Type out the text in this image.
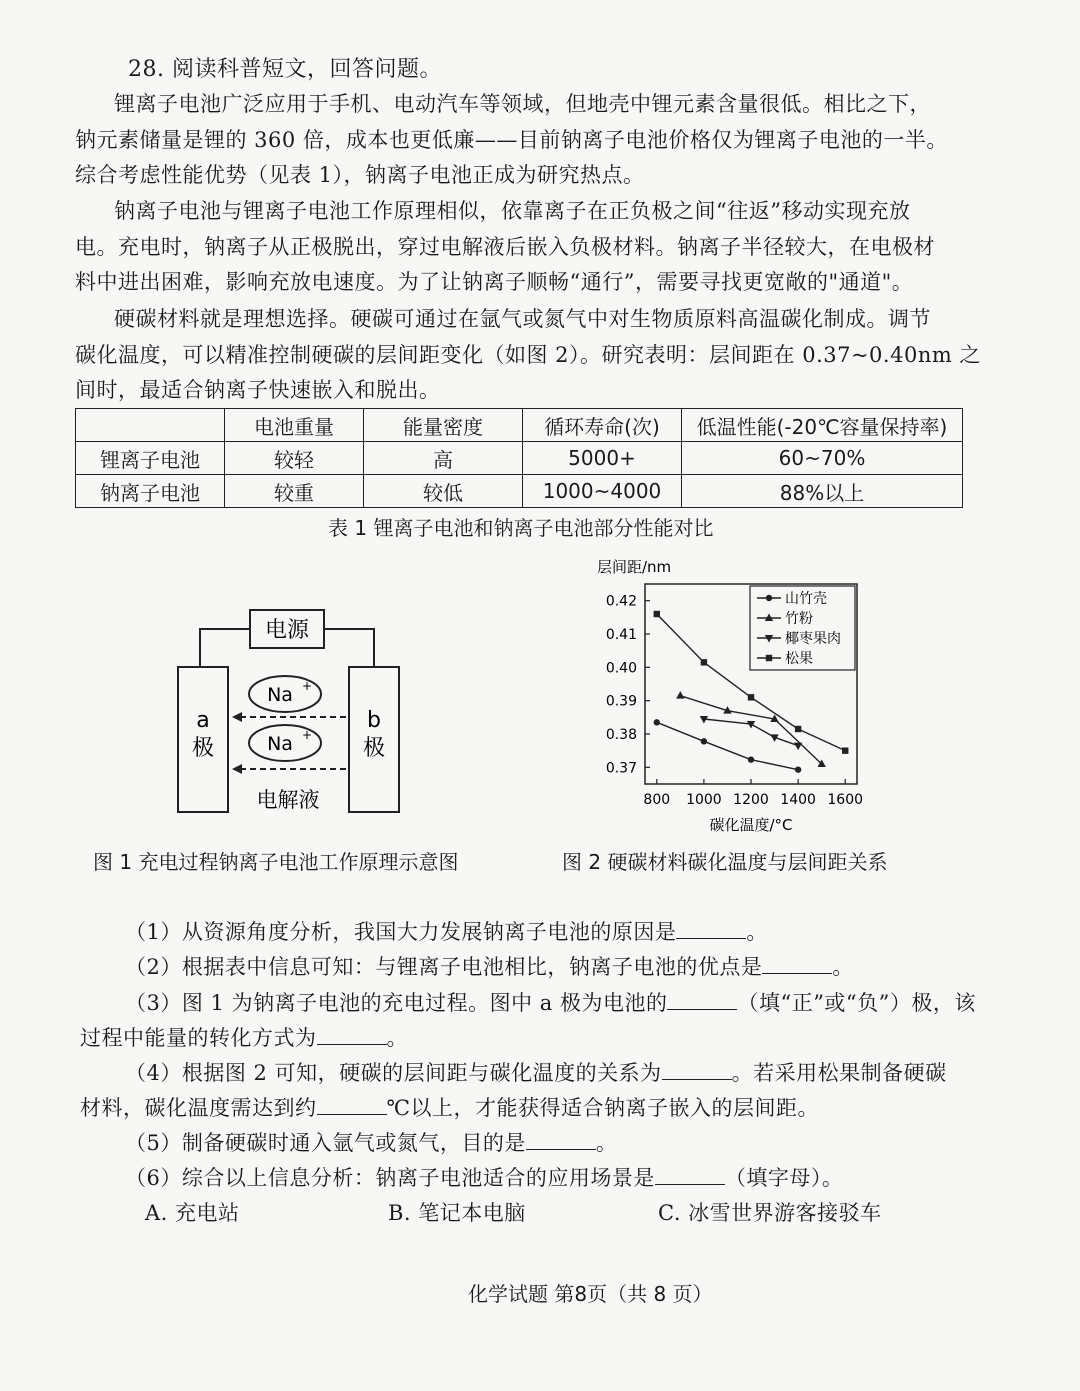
28. 阅读科普短文，回答问题。
锂离子电池广泛应用于手机、电动汽车等领域，但地壳中锂元素含量很低。相比之下，
钠元素储量是锂的 360 倍，成本也更低廉——目前钠离子电池价格仅为锂离子电池的一半。
综合考虑性能优势（见表 1），钠离子电池正成为研究热点。
钠离子电池与锂离子电池工作原理相似，依靠离子在正负极之间“往返”移动实现充放
电。充电时，钠离子从正极脱出，穿过电解液后嵌入负极材料。钠离子半径较大，在电极材
料中进出困难，影响充放电速度。为了让钠离子顺畅“通行”，需要寻找更宽敞的"通道"。
硬碳材料就是理想选择。硬碳可通过在氩气或氮气中对生物质原料高温碳化制成。调节
碳化温度，可以精准控制硬碳的层间距变化（如图 2）。研究表明：层间距在 0.37~0.40nm 之
间时，最适合钠离子快速嵌入和脱出。
	电池重量	能量密度	循环寿命(次)	低温性能(-20℃容量保持率)
锂离子电池	较轻	高	5000+	60~70%
钠离子电池	较重	较低	1000~4000	88%以上
表 1 锂离子电池和钠离子电池部分性能对比
电源
a
极
b
极
Na +
Na +
电解液
图 1 充电过程钠离子电池工作原理示意图
层间距/nm
0.37
0.38
0.39
0.40
0.41
0.42
800 1000 1200 1400 1600
山竹壳
竹粉
椰枣果肉
松果
碳化温度/°C
图 2 硬碳材料碳化温度与层间距关系
（1）从资源角度分析，我国大力发展钠离子电池的原因是	。
（2）根据表中信息可知：与锂离子电池相比，钠离子电池的优点是	。
（3）图 1 为钠离子电池的充电过程。图中 a 极为电池的	（填“正”或“负”）极，该
过程中能量的转化方式为	。
（4）根据图 2 可知，硬碳的层间距与碳化温度的关系为	。若采用松果制备硬碳
材料，碳化温度需达到约	℃以上，才能获得适合钠离子嵌入的层间距。
（5）制备硬碳时通入氩气或氮气，目的是	。
（6）综合以上信息分析：钠离子电池适合的应用场景是	（填字母）。
A. 充电站	B. 笔记本电脑	C. 冰雪世界游客接驳车
化学试题 第8页（共 8 页）
